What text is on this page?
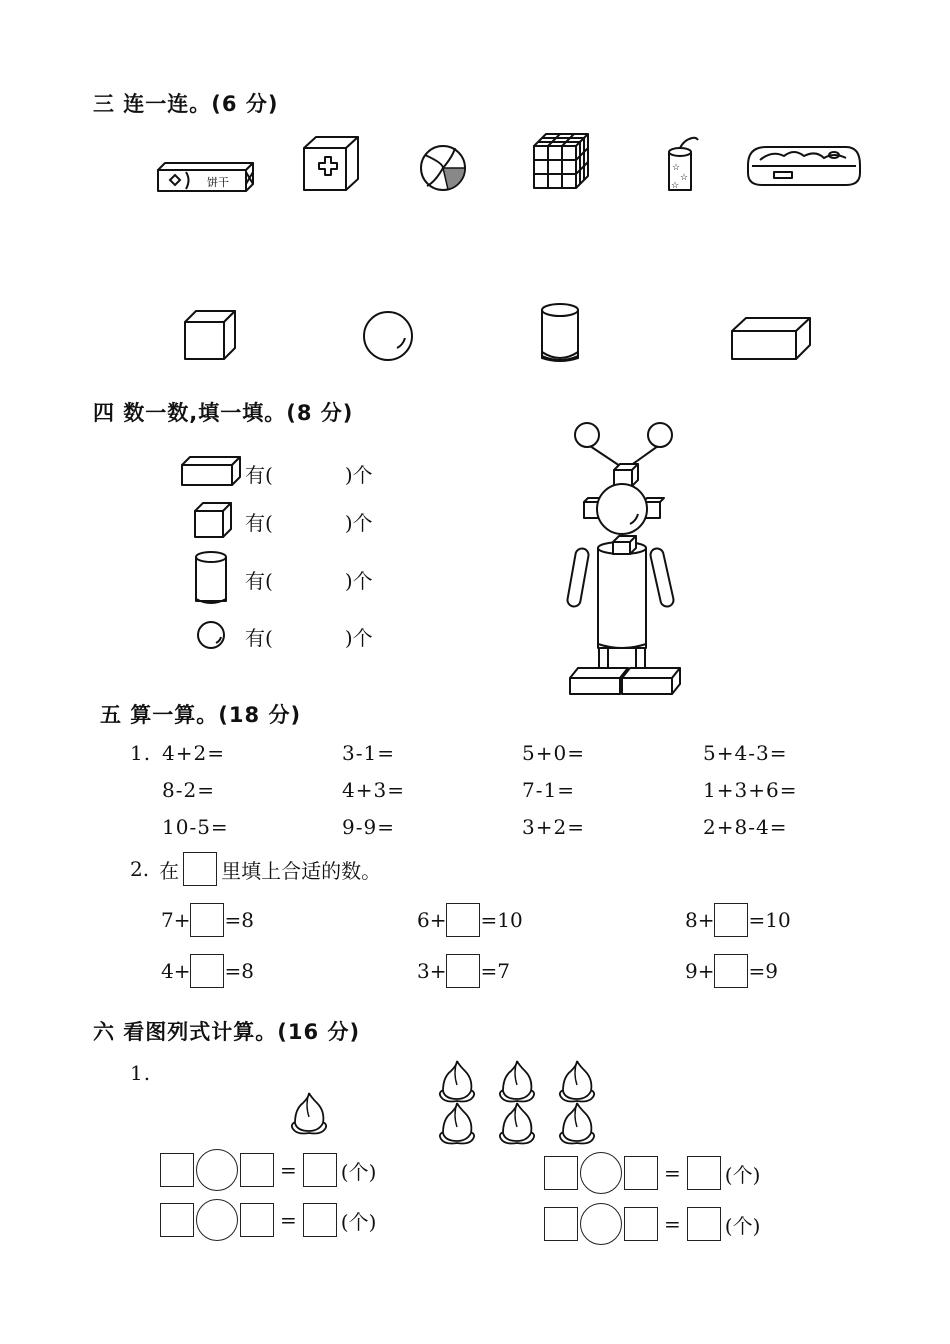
三 连一连。(6 分)
饼干
☆
☆
☆
四 数一数,填一填。(8 分)
有(	)个
有(	)个
有(	)个
有(	)个
五 算一算。(18 分)
1. 4+2=	3-1=	5+0=	5+4-3=
8-2=	4+3=	7-1=	1+3+6=
10-5=	9-9=	3+2=	2+8-4=
2. 在 里填上合适的数。
7+ =8	6+ =10	8+ =10
4+ =8	3+ =7	9+ =9
六 看图列式计算。(16 分)
1.
= (个)
= (个)
= (个)
= (个)
